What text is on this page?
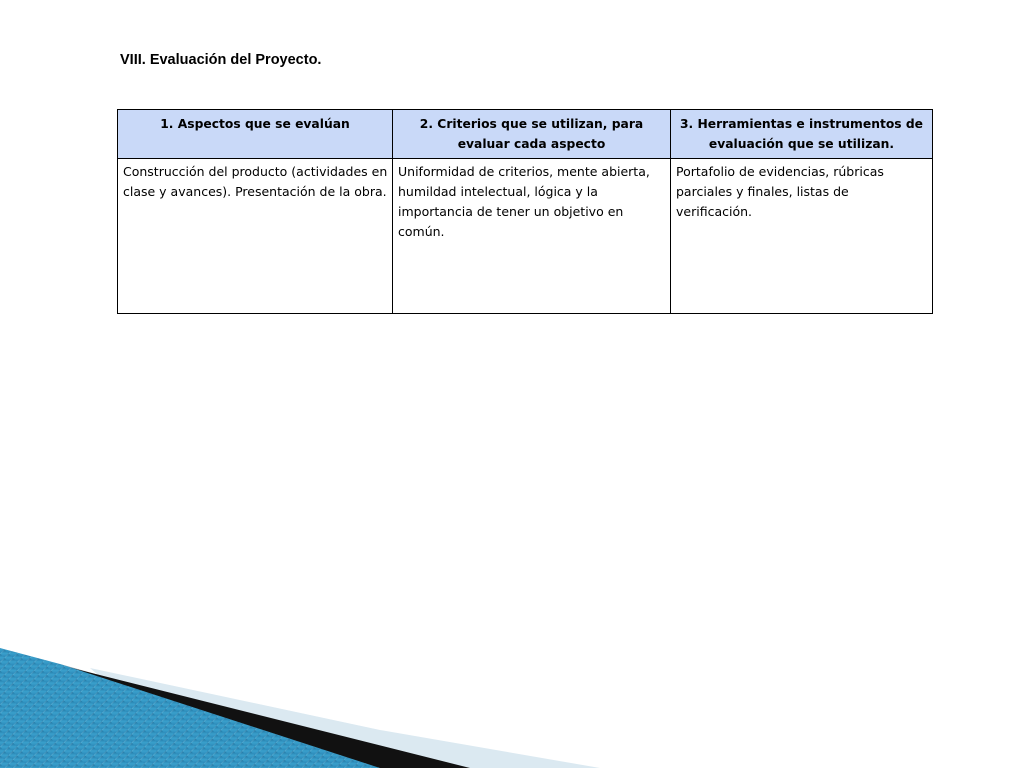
VIII. Evaluación del Proyecto.
1. Aspectos que se evalúan	2. Criterios que se utilizan, para evaluar cada aspecto	3. Herramientas e instrumentos de evaluación que se utilizan.
Construcción del producto (actividades en clase y avances). Presentación de la obra.	Uniformidad de criterios, mente abierta, humildad intelectual, lógica y la importancia de tener un objetivo en común.	Portafolio de evidencias, rúbricas parciales y finales, listas de verificación.
